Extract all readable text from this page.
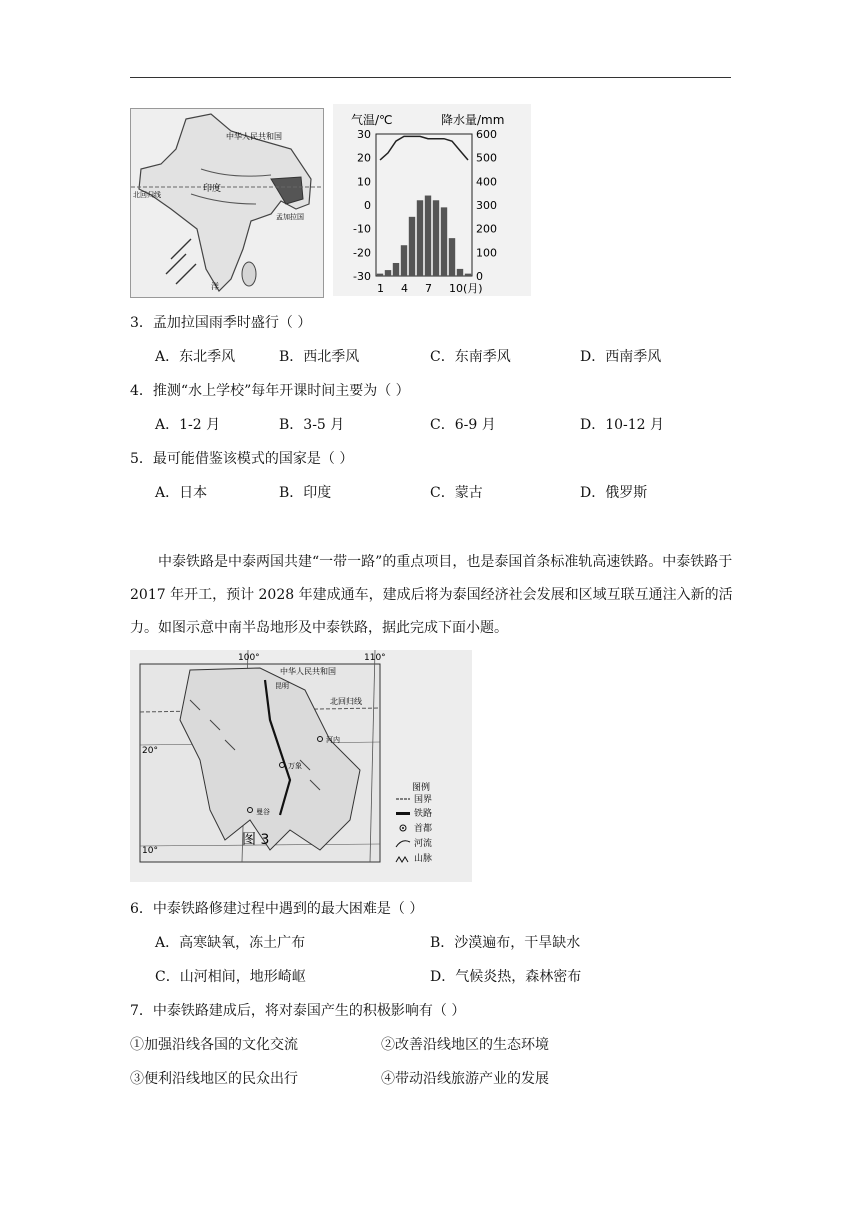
中华人民共和国
北回归线
孟加拉国
印度
洋
气温/℃	降水量/mm
30
20
10
0
-10
-20
-30
600
500
400
300
200
100
0
1 4 7 10(月)
3．孟加拉国雨季时盛行（ ）
A．东北季风	B．西北季风	C．东南季风	D．西南季风
4．推测“水上学校”每年开课时间主要为（ ）
A．1-2 月	B．3-5 月	C．6-9 月	D．10-12 月
5．最可能借鉴该模式的国家是（ ）
A．日本	B．印度	C．蒙古	D．俄罗斯
中泰铁路是中泰两国共建“一带一路”的重点项目，也是泰国首条标准轨高速铁路。中泰铁路于 2017 年开工，预计 2028 年建成通车，建成后将为泰国经济社会发展和区域互联互通注入新的活力。如图示意中南半岛地形及中泰铁路，据此完成下面小题。
100°	110°
20°
10°
中华人民共和国
北回归线
昆明
河内
万象
曼谷
图 3
图例
国界
铁路
首都
河流
山脉
6．中泰铁路修建过程中遇到的最大困难是（ ）
A．高寒缺氧，冻土广布	B．沙漠遍布，干旱缺水
C．山河相间，地形崎岖	D．气候炎热，森林密布
7．中泰铁路建成后，将对泰国产生的积极影响有（ ）
①加强沿线各国的文化交流	②改善沿线地区的生态环境
③便利沿线地区的民众出行	④带动沿线旅游产业的发展
